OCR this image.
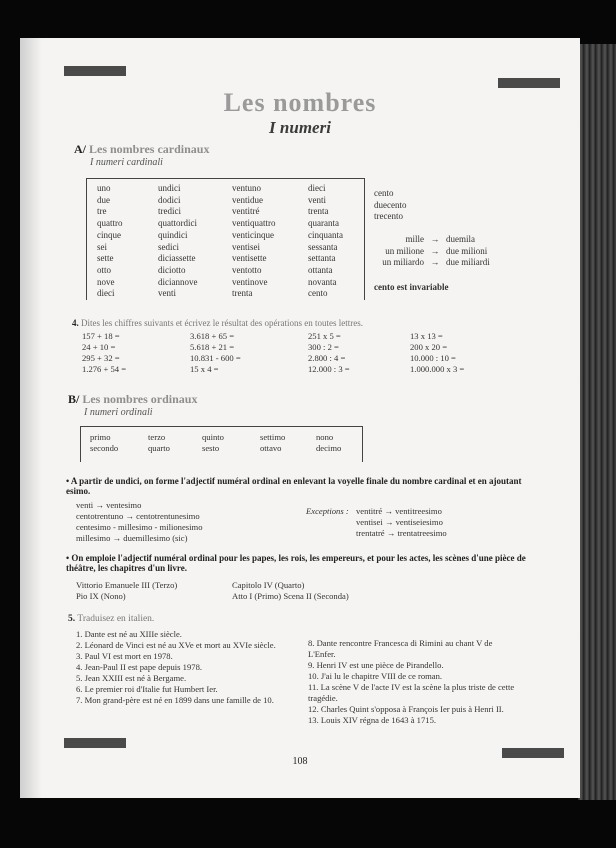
Les nombres
I numeri
A/ Les nombres cardinaux
I numeri cardinali
uno
due
tre
quattro
cinque
sei
sette
otto
nove
dieci
undici
dodici
tredici
quattordici
quindici
sedici
diciassette
diciotto
diciannove
venti
ventuno
ventidue
ventitré
ventiquattro
venticinque
ventisei
ventisette
ventotto
ventinove
trenta
dieci
venti
trenta
quaranta
cinquanta
sessanta
settanta
ottanta
novanta
cento
cento
duecento
trecento
mille → duemila
un milione → due milioni
un miliardo → due miliardi
cento est invariable
4. Dites les chiffres suivants et écrivez le résultat des opérations en toutes lettres.
157 + 18 =
24 + 10 =
295 + 32 =
1.276 + 54 =
3.618 + 65 =
5.618 + 21 =
10.831 - 600 =
15 x 4 =
251 x 5 =
300 : 2 =
2.800 : 4 =
12.000 : 3 =
13 x 13 =
200 x 20 =
10.000 : 10 =
1.000.000 x 3 =
B/ Les nombres ordinaux
I numeri ordinali
primo
secondo
terzo
quarto
quinto
sesto
settimo
ottavo
nono
decimo
• A partir de undici, on forme l'adjectif numéral ordinal en enlevant la voyelle finale du nombre cardinal et en ajoutant esimo.
venti → ventesimo
centotrentuno → centotrentunesimo
centesimo - millesimo - milionesimo
millesimo → duemillesimo (sic)
Exceptions : ventitré → ventitreesimo
ventisei → ventiseiesimo
trentatré → trentatreesimo
• On emploie l'adjectif numéral ordinal pour les papes, les rois, les empereurs, et pour les actes, les scènes d'une pièce de théâtre, les chapitres d'un livre.
Vittorio Emanuele III (Terzo)
Pio IX (Nono)
Capitolo IV (Quarto)
Atto I (Primo) Scena II (Seconda)
5. Traduisez en italien.
1. Dante est né au XIIIe siècle.
2. Léonard de Vinci est né au XVe et mort au XVIe siècle.
3. Paul VI est mort en 1978.
4. Jean-Paul II est pape depuis 1978.
5. Jean XXIII est né à Bergame.
6. Le premier roi d'Italie fut Humbert Ier.
7. Mon grand-père est né en 1899 dans une famille de 10.
8. Dante rencontre Francesca di Rimini au chant V de L'Enfer.
9. Henri IV est une pièce de Pirandello.
10. J'ai lu le chapitre VIII de ce roman.
11. La scène V de l'acte IV est la scène la plus triste de cette tragédie.
12. Charles Quint s'opposa à François Ier puis à Henri II.
13. Louis XIV régna de 1643 à 1715.
108
